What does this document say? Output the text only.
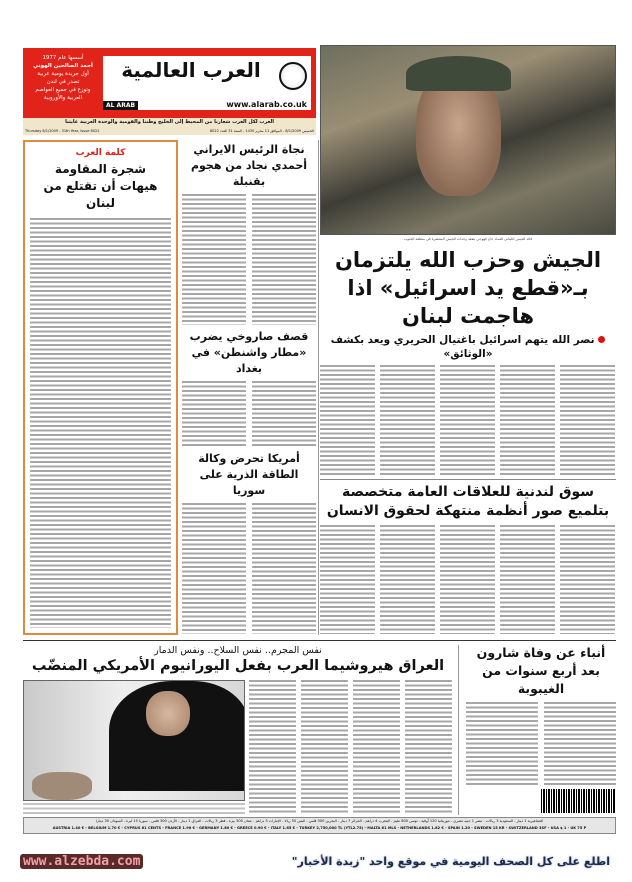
أسسها عام 1977
أحمد الصالحين الهوني
أول جريدة يومية عربية
تصدر في لندن
وتوزع في جميع العواصم
العربية والأوروبية
العرب العالمية
AL ARAB	www.alarab.co.uk
العرب لكل العرب شعارنا من المحيط إلى الخليج وطننا والقومية والوحدة العربية غايتنا
Thursday 8/1/2009 - 31th Year, Issue 8022	الخميس 8/1/2009 - الموافق 11 محرم 1430 - السنة 31 العدد 8022
قائد الجيش اللبناني العماد جان قهوجي يتفقد وحدات الجيش المنتشرة في منطقة الجنوب
الجيش وحزب الله يلتزمان بـ«قطع يد اسرائيل» اذا هاجمت لبنان
نصر الله يتهم اسرائيل باغتيال الحريري ويعد بكشف «الوثائق»
سوق لندنية للعلاقات العامة متخصصة بتلميع صور أنظمة منتهكة لحقوق الانسان
نجاة الرئيس الايراني أحمدي نجاد من هجوم بقنبلة
قصف صاروخي يضرب «مطار واشنطن» في بغداد
أمريكا تحرض وكالة الطاقة الذرية على سوريا
كلمة العرب
شجرة المقاومة هيهات أن تقتلع من لبنان
نفس المجرم.. نفس السلاح.. ونفس الدمار
العراق هيروشيما العرب بفعل اليورانيوم الأمريكي المنضّب
أنباء عن وفاة شارون بعد أربع سنوات من الغيبوبة
الجماهيرية 1 دينار - السعودية 3 ريالات - مصر 1 جنيه مصري - موريتانيا 120 أوقية - تونس 800 مليم - المغرب 4 دراهم - الجزائر 7 دينار - البحرين 300 فلس - اليمن 50 ريالا - الإمارات 3 دراهم - عمان 300 بيزة - قطر 3 ريالات - العراق 1 دينار - الأردن 300 فلس - سوريا 15 ليرة - السودان 30 دينارا
AUSTRIA 1.40 € - BELGIUM 1.70 € - CYPRUS 61 CENTS - FRANCE 1.90 € - GERMANY 1.80 € - GREECE 0.90 € - ITALY 1.65 € - TURKEY 2,750,000 TL (YTL2.75) - MALTA 61 MLS - NETHERLANDS 1.82 € - SPAIN 1.20 - SWEDEN 15 KR - SWITZERLAND 3SF - USA $ 1 - UK 75 P
www.alzebda.com	اطلع على كل الصحف اليومية في موقع واحد "زبدة الأخبار"
